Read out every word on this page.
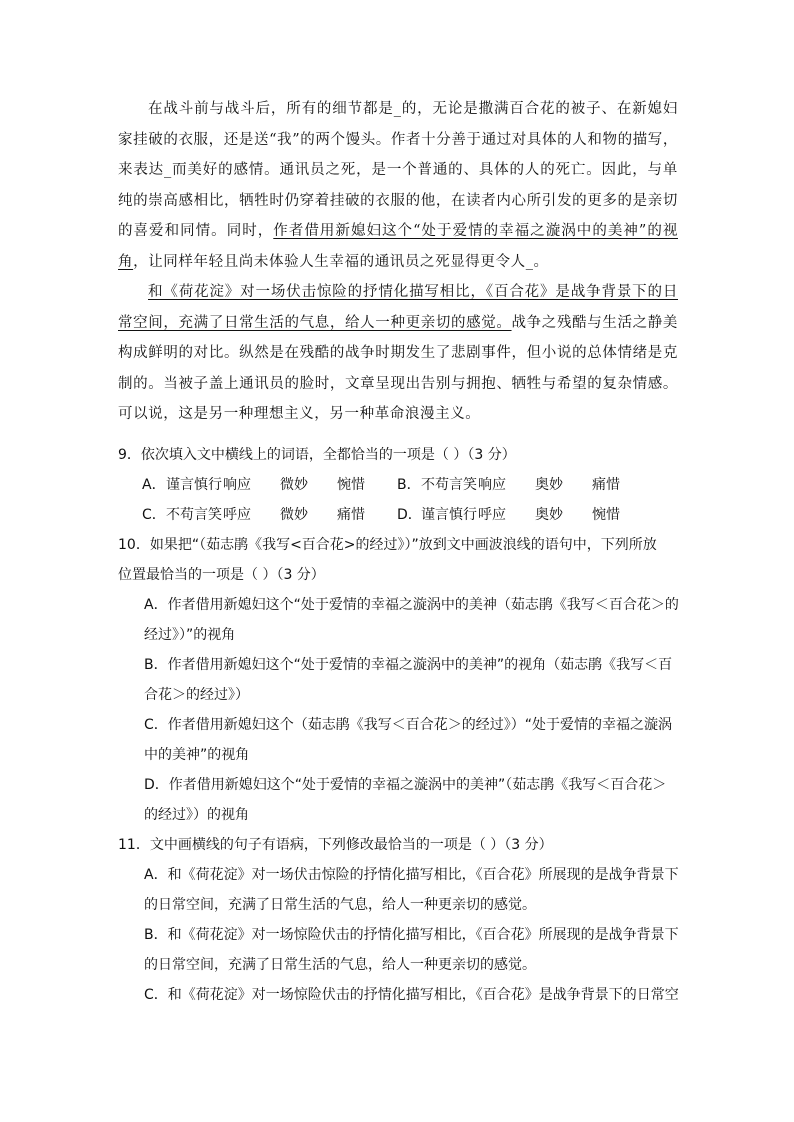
在战斗前与战斗后，所有的细节都是_的，无论是撒满百合花的被子、在新媳妇家挂破的衣服，还是送“我”的两个馒头。作者十分善于通过对具体的人和物的描写，来表达_而美好的感情。通讯员之死，是一个普通的、具体的人的死亡。因此，与单纯的崇高感相比，牺牲时仍穿着挂破的衣服的他，在读者内心所引发的更多的是亲切的喜爱和同情。同时，作者借用新媳妇这个“处于爱情的幸福之漩涡中的美神”的视角，让同样年轻且尚未体验人生幸福的通讯员之死显得更令人_。

和《荷花淀》对一场伏击惊险的抒情化描写相比，《百合花》是战争背景下的日常空间，充满了日常生活的气息，给人一种更亲切的感觉。战争之残酷与生活之静美构成鲜明的对比。纵然是在残酷的战争时期发生了悲剧事件，但小说的总体情绪是克制的。当被子盖上通讯员的脸时，文章呈现出告别与拥抱、牺牲与希望的复杂情感。可以说，这是另一种理想主义，另一种革命浪漫主义。

9．依次填入文中横线上的词语，全都恰当的一项是（ ）（3 分）

A． 谨言慎行 响应	微妙	惋惜	B． 不苟言笑 响应	奥妙	痛惜
C． 不苟言笑 呼应	微妙	痛惜	D． 谨言慎行 呼应	奥妙	惋惜

10．如果把“（茹志鹃《我写<百合花>的经过》）”放到文中画波浪线的语句中，下列所放

位置最恰当的一项是（ ）（3 分）

A．作者借用新媳妇这个“处于爱情的幸福之漩涡中的美神（茹志鹃《我写＜百合花＞的

经过》）”的视角

B．作者借用新媳妇这个“处于爱情的幸福之漩涡中的美神”的视角（茹志鹃《我写＜百

合花＞的经过》）

C．作者借用新媳妇这个（茹志鹃《我写＜百合花＞的经过》）“处于爱情的幸福之漩涡

中的美神”的视角

D．作者借用新媳妇这个“处于爱情的幸福之漩涡中的美神”（茹志鹃《我写＜百合花＞

的经过》）的视角

11．文中画横线的句子有语病，下列修改最恰当的一项是（ ）（3 分）

A．和《荷花淀》对一场伏击惊险的抒情化描写相比，《百合花》所展现的是战争背景下

的日常空间，充满了日常生活的气息，给人一种更亲切的感觉。

B．和《荷花淀》对一场惊险伏击的抒情化描写相比，《百合花》所展现的是战争背景下

的日常空间，充满了日常生活的气息，给人一种更亲切的感觉。

C．和《荷花淀》对一场惊险伏击的抒情化描写相比，《百合花》是战争背景下的日常空
